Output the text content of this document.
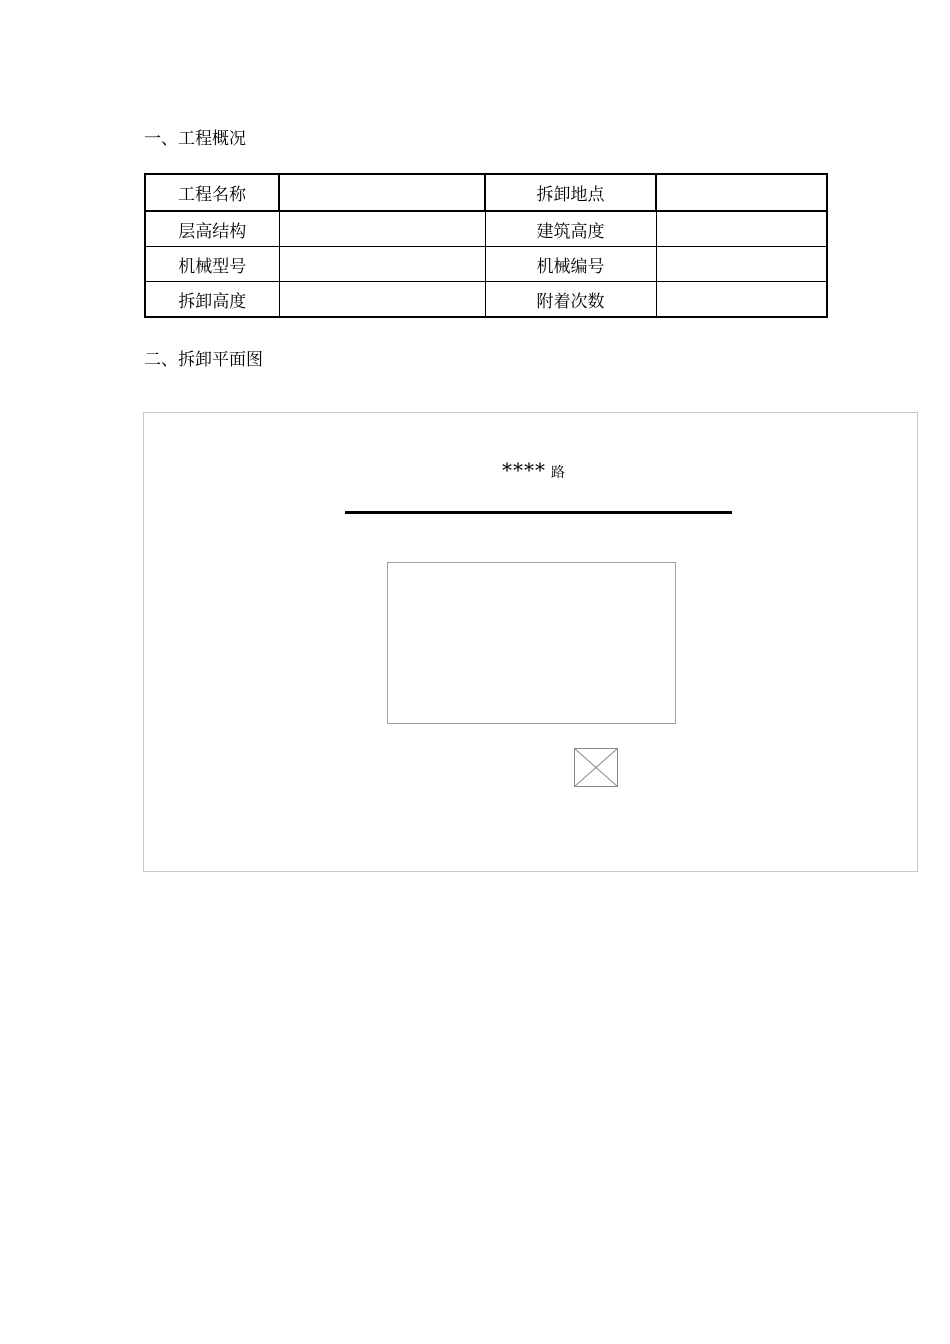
一、工程概况
工程名称		拆卸地点	
层高结构		建筑高度	
机械型号		机械编号	
拆卸高度		附着次数	
二、拆卸平面图
**** 路
